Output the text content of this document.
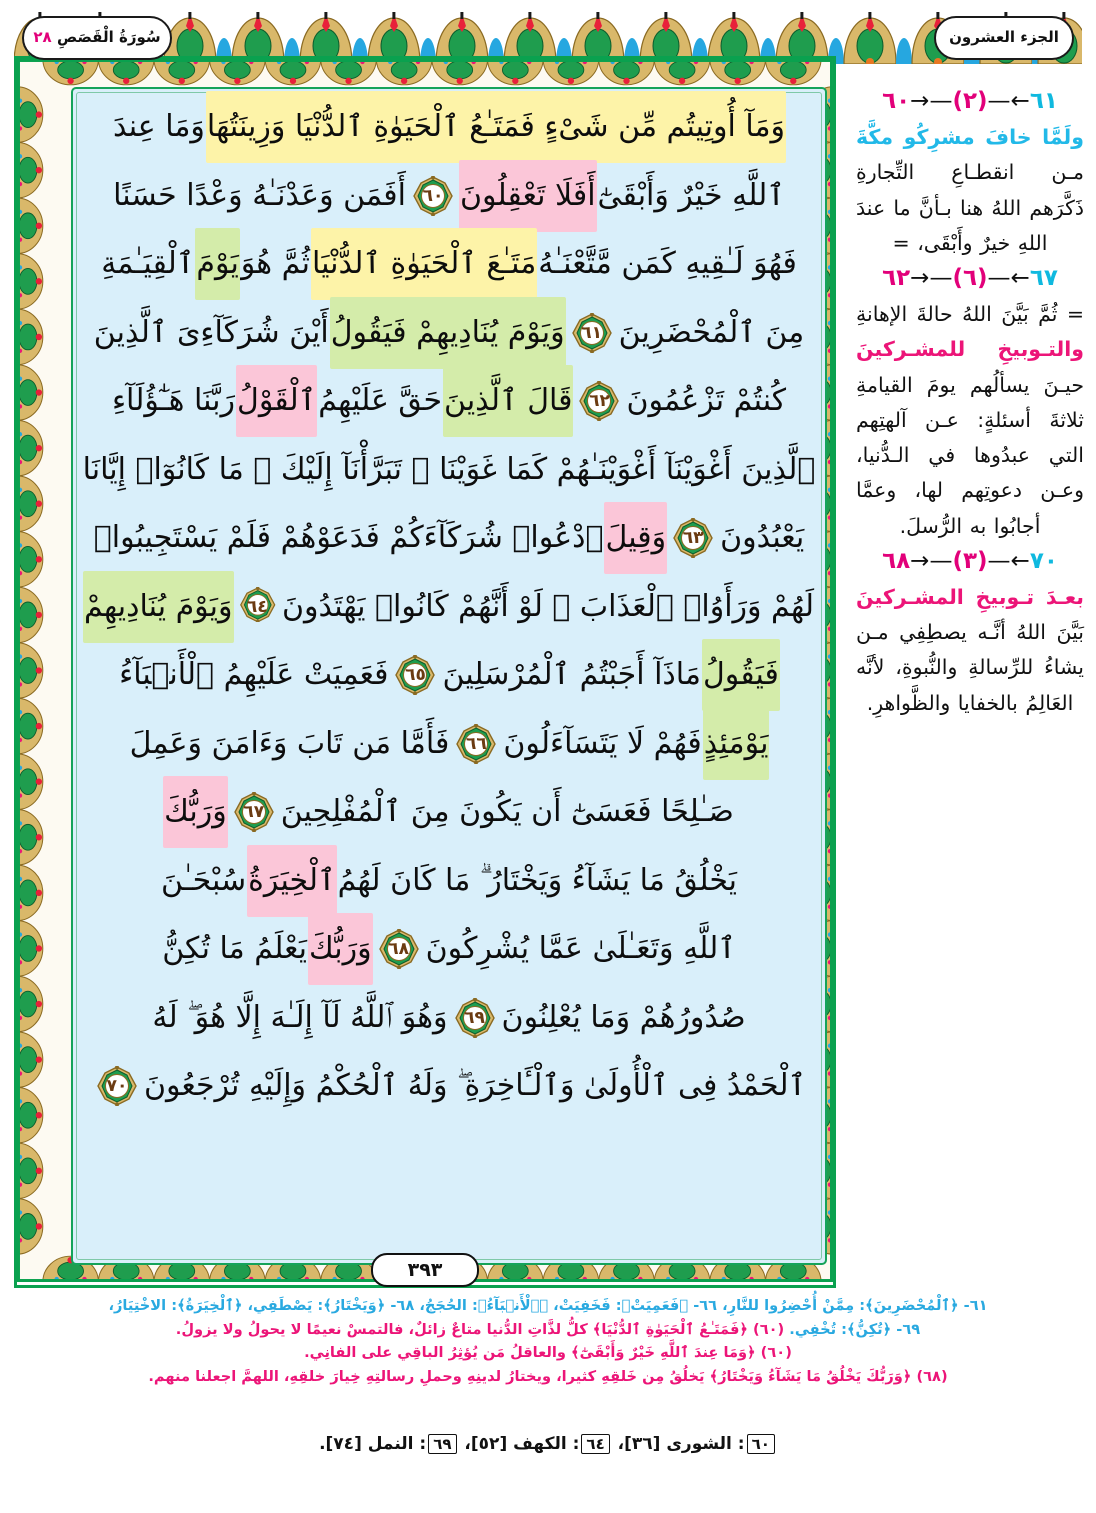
سُورَةُ الْقَصَصِ ٢٨	الجزء العشرون
وَمَآ أُوتِيتُم مِّن شَىْءٍ فَمَتَـٰعُ ٱلْحَيَوٰةِ ٱلدُّنْيَا وَزِينَتُهَا
وَمَا عِندَ
ٱللَّهِ خَيْرٌ وَأَبْقَىٰٓ
أَفَلَا تَعْقِلُونَ
٦٠
أَفَمَن وَعَدْنَـٰهُ وَعْدًا حَسَنًا
فَهُوَ لَـٰقِيهِ كَمَن مَّتَّعْنَـٰهُ
مَتَـٰعَ ٱلْحَيَوٰةِ ٱلدُّنْيَا
ثُمَّ هُوَ
يَوْمَ
ٱلْقِيَـٰمَةِ
مِنَ ٱلْمُحْضَرِينَ
٦١
وَيَوْمَ يُنَادِيهِمْ فَيَقُولُ
أَيْنَ شُرَكَآءِىَ ٱلَّذِينَ
كُنتُمْ تَزْعُمُونَ
٦٢
قَالَ ٱلَّذِينَ
حَقَّ عَلَيْهِمُ
ٱلْقَوْلُ
رَبَّنَا هَـٰٓؤُلَآءِ
ٱلَّذِينَ أَغْوَيْنَآ أَغْوَيْنَـٰهُمْ كَمَا غَوَيْنَا ۖ تَبَرَّأْنَآ إِلَيْكَ ۖ مَا كَانُوٓا۟ إِيَّانَا
يَعْبُدُونَ
٦٣
وَقِيلَ
ٱدْعُوا۟ شُرَكَآءَكُمْ فَدَعَوْهُمْ فَلَمْ يَسْتَجِيبُوا۟
لَهُمْ وَرَأَوُا۟ ٱلْعَذَابَ ۚ لَوْ أَنَّهُمْ كَانُوا۟ يَهْتَدُونَ
٦٤
وَيَوْمَ يُنَادِيهِمْ
فَيَقُولُ
مَاذَآ أَجَبْتُمُ ٱلْمُرْسَلِينَ
٦٥
فَعَمِيَتْ عَلَيْهِمُ ٱلْأَنۢبَآءُ
يَوْمَئِذٍ
فَهُمْ لَا يَتَسَآءَلُونَ
٦٦
فَأَمَّا مَن تَابَ وَءَامَنَ وَعَمِلَ
صَـٰلِحًا فَعَسَىٰٓ أَن يَكُونَ مِنَ ٱلْمُفْلِحِينَ
٦٧
وَرَبُّكَ
يَخْلُقُ مَا يَشَآءُ وَيَخْتَارُ ۗ مَا كَانَ لَهُمُ
ٱلْخِيَرَةُ
سُبْحَـٰنَ
ٱللَّهِ وَتَعَـٰلَىٰ عَمَّا يُشْرِكُونَ
٦٨
وَرَبُّكَ
يَعْلَمُ مَا تُكِنُّ
صُدُورُهُمْ وَمَا يُعْلِنُونَ
٦٩
وَهُوَ ٱللَّهُ لَآ إِلَـٰهَ إِلَّا هُوَ ۖ لَهُ
ٱلْحَمْدُ فِى ٱلْأُولَىٰ وَٱلْـَٔاخِرَةِ ۖ وَلَهُ ٱلْحُكْمُ وَإِلَيْهِ تُرْجَعُونَ
٧٠
٣٩٣
٦١←—(٢)—→٦٠
ولَمَّا خافَ مشرِكُو مكَّةَ مـن انقطـاعِ التِّجارةِ ذَكَّرَهم اللهُ هنا بـأنَّ ما عندَ اللهِ خيرٌ وأَبْقَى، =
٦٧←—(٦)—→٦٢
= ثُمَّ بَيَّنَ اللهُ حالةَ الإهانةِ والتـوبيخِ للمشـركينَ حيـنَ يسألُهم يومَ القيامةِ ثلاثةَ أسئلةٍ: عـن آلهتِهم التي عبدُوها في الـدُّنيا، وعـن دعوتِهم لها، وعمَّا أجابُوا به الرُّسلَ.
٧٠←—(٣)—→٦٨
بعـدَ تـوبيخِ المشـركينَ بَيَّنَ اللهُ أنَّـه يصطِفِي مـن يشاءُ للرِّسالةِ والنُّبوةِ، لأنَّه العَالِمُ بالخفايا والظَّواهرِ.
٦١- ﴿ٱلْمُحْضَرِينَ﴾: مِمَّنْ أُحْضِرُوا للنَّارِ، ٦٦- ﴿فَعَمِيَتْ﴾: فَخَفِيَتْ، ﴿ٱلْأَنۢبَآءُ﴾: الحُجَجُ، ٦٨- ﴿وَيَخْتَارُ﴾: يَصْطَفِي، ﴿ٱلْخِيَرَةُ﴾: الاخْتِيَارُ،
٦٩- ﴿تُكِنُّ﴾: تُخْفِي. (٦٠) ﴿فَمَتَـٰعُ ٱلْحَيَوٰةِ ٱلدُّنْيَا﴾ كلُّ لذَّاتِ الدُّنيا متاعٌ زائلٌ، فالتمسْ نعيمًا لا يحولُ ولا يزولُ.
(٦٠) ﴿وَمَا عِندَ ٱللَّهِ خَيْرٌ وَأَبْقَىٰٓ﴾ والعاقلُ مَن يُؤثِرُ الباقِي على الفانِي.
(٦٨) ﴿وَرَبُّكَ يَخْلُقُ مَا يَشَآءُ وَيَخْتَارُ﴾ يَخلُقُ مِن خَلقِهِ كثيرا، ويختارُ لدينِهِ وحملِ رسالتِهِ خِيارَ خلقِهِ، اللهمَّ اجعلنا منهم.
٦٠: الشورى [٣٦]، ٦٤: الكهف [٥٢]، ٦٩: النمل [٧٤].
